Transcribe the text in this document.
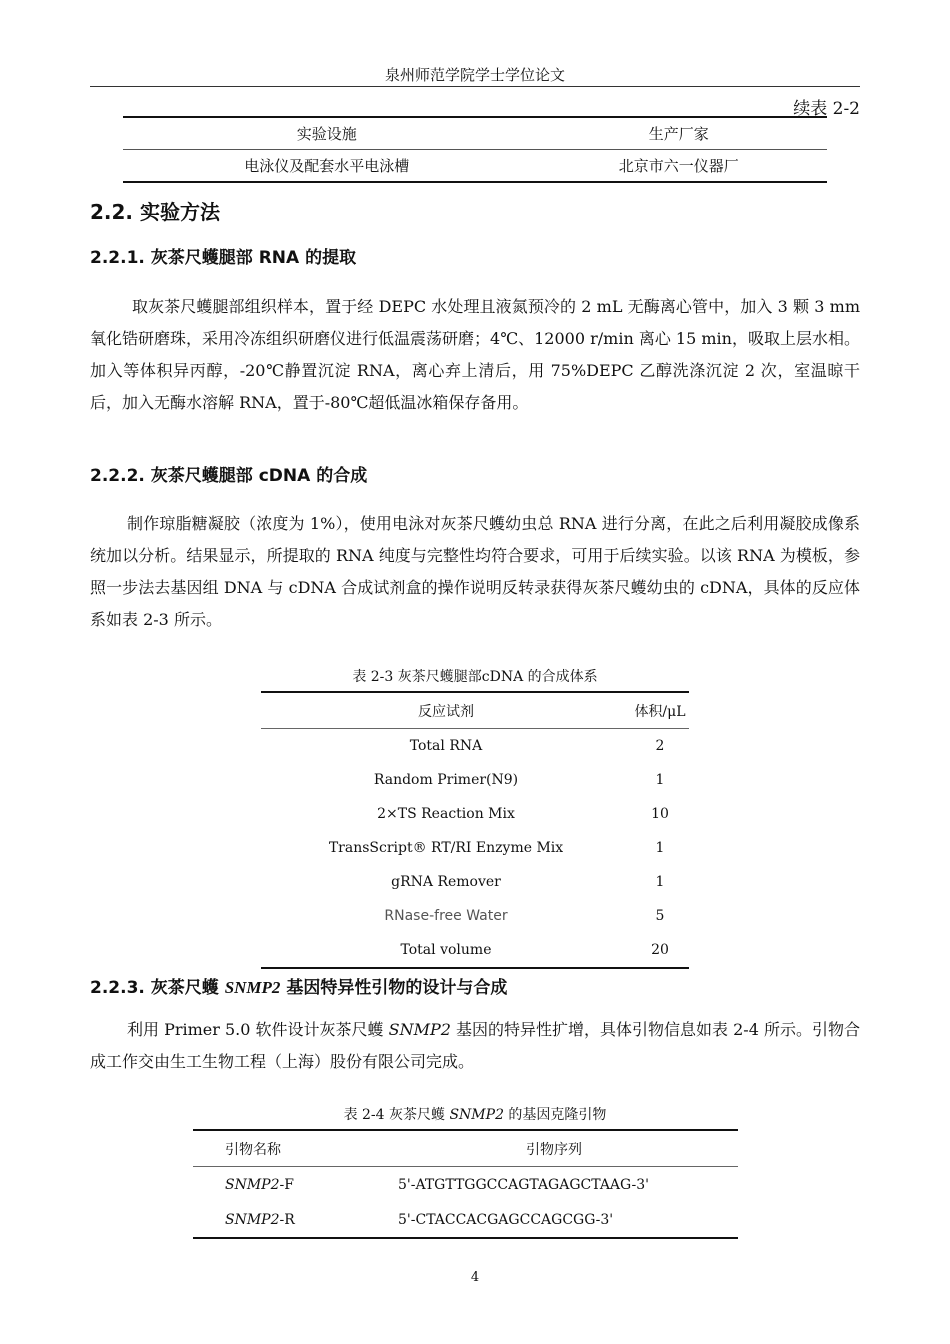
泉州师范学院学士学位论文
续表 2-2
实验设施	生产厂家
电泳仪及配套水平电泳槽	北京市六一仪器厂
2.2. 实验方法
2.2.1. 灰茶尺蠖腿部 RNA 的提取
取灰茶尺蠖腿部组织样本，置于经 DEPC 水处理且液氮预冷的 2 mL 无酶离心管中，加入 3 颗 3 mm 氧化锆研磨珠，采用冷冻组织研磨仪进行低温震荡研磨；4℃、12000 r/min 离心 15 min，吸取上层水相。加入等体积异丙醇，-20℃静置沉淀 RNA，离心弃上清后，用 75%DEPC 乙醇洗涤沉淀 2 次，室温晾干后，加入无酶水溶解 RNA，置于-80℃超低温冰箱保存备用。
2.2.2. 灰茶尺蠖腿部 cDNA 的合成
制作琼脂糖凝胶（浓度为 1%），使用电泳对灰茶尺蠖幼虫总 RNA 进行分离，在此之后利用凝胶成像系统加以分析。结果显示，所提取的 RNA 纯度与完整性均符合要求，可用于后续实验。以该 RNA 为模板，参照一步法去基因组 DNA 与 cDNA 合成试剂盒的操作说明反转录获得灰茶尺蠖幼虫的 cDNA，具体的反应体系如表 2-3 所示。
表 2-3 灰茶尺蠖腿部cDNA 的合成体系
反应试剂	体积/μL
Total RNA	2
Random Primer(N9)	1
2×TS Reaction Mix	10
TransScript® RT/RI Enzyme Mix	1
gRNA Remover	1
RNase-free Water	5
Total volume	20
2.2.3. 灰茶尺蠖 SNMP2 基因特异性引物的设计与合成
利用 Primer 5.0 软件设计灰茶尺蠖 SNMP2 基因的特异性扩增，具体引物信息如表 2-4 所示。引物合成工作交由生工生物工程（上海）股份有限公司完成。
表 2-4 灰茶尺蠖 SNMP2 的基因克隆引物
引物名称	引物序列
SNMP2-F	5'-ATGTTGGCCAGTAGAGCTAAG-3'
SNMP2-R	5'-CTACCACGAGCCAGCGG-3'
4
